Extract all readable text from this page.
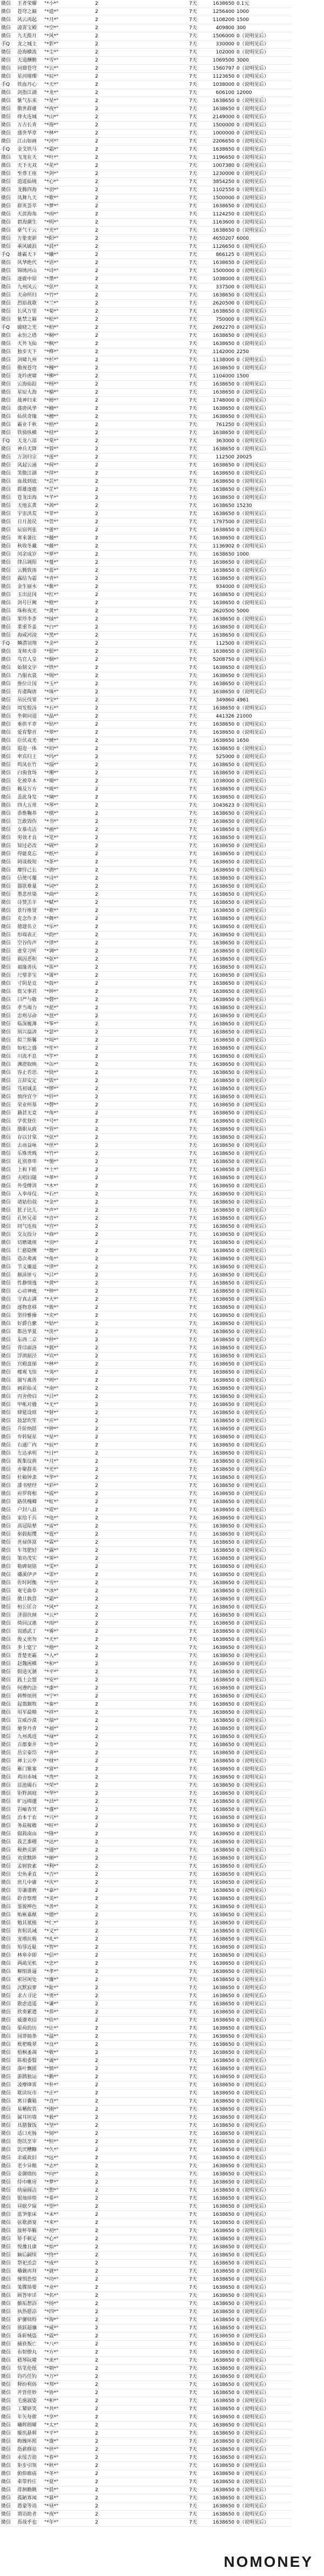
微信	王者荣耀	"*小*"	2	7天	1638650	0.1元
微信	苍穹之巅	"*逍*"	2	7天	1256400	1000
微信	风云再起	"*月*"	2	7天	1108200	1500
微信	凌霄宝殿	"*空*"	2	7天	409800	300
微信	九天揽月	"*风*"	2	7天	1506000	0（说明见后）
手Q	龙之城主	"*影*"	2	7天	330000	0（说明见后）
微信	沧海横流	"*尘*"	2	7天	102000	0（说明见后）
微信	天道酬勤	"*雪*"	2	7天	1069500	3000
微信	问鼎苍穹	"*云*"	2	7天	1560797	0（说明见后）
微信	星河璀璨	"*辰*"	2	7天	1123650	0（说明见后）
手Q	铁血丹心	"*天*"	2	7天	1038000	0（说明见后）
微信	剑指江湖	"*龙*"	2	7天	606100	12000
微信	紫气东来	"*星*"	2	7天	1638650	0（说明见后）
微信	傲世群雄	"*夜*"	2	7天	1638650	0（说明见后）
微信	烽火连城	"*山*"	2	7天	2149000	0（说明见后）
微信	万古长青	"*海*"	2	7天	1500000	0（说明见后）
微信	盛世华章	"*林*"	2	7天	1000000	0（说明见后）
微信	江山如画	"*河*"	2	7天	2206650	0（说明见后）
手Q	金戈铁马	"*霜*"	2	7天	1638650	0（说明见后）
微信	飞龙在天	"*叶*"	2	7天	1196650	0（说明见后）
微信	天下无双	"*花*"	2	7天	1007380	0（说明见后）
微信	至尊王座	"*剑*"	2	7天	1230000	0（说明见后）
微信	逍遥仙境	"*心*"	2	7天	3854250	0（说明见后）
微信	龙腾四海	"*羽*"	2	7天	1102550	0（说明见后）
微信	凤舞九天	"*歌*"	2	7天	1500000	0（说明见后）
微信	群英荟萃	"*梦*"	2	7天	1638650	0（说明见后）
微信	天涯海角	"*雨*"	2	7天	1124250	0（说明见后）
微信	碧海潮生	"*明*"	2	7天	1163600	0（说明见后）
微信	豪气干云	"*光*"	2	7天	1638650	0（说明见后）
微信	万象更新	"*阳*"	2	7天	4650207	6000
微信	乘风破浪	"*晨*"	2	7天	1126650	0（说明见后）
手Q	雄霸天下	"*曦*"	2	7天	866125	0（说明见后）
微信	风华绝代	"*语*"	2	7天	1638650	0（说明见后）
微信	锦绣河山	"*诗*"	2	7天	1500000	0（说明见后）
微信	逐鹿中原	"*墨*"	2	7天	1038000	0（说明见后）
微信	九州风云	"*弦*"	2	7天	337500	0（说明见后）
微信	天命所归	"*竹*"	2	7天	1638650	0（说明见后）
微信	烈焰战歌	"*兰*"	2	7天	2620500	0（说明见后）
微信	长风万里	"*菊*"	2	7天	1638650	0（说明见后）
微信	紫禁之巅	"*松*"	2	7天	750000	0（说明见后）
手Q	破晓之光	"*柏*"	2	7天	2692270	0（说明见后）
微信	永恒之塔	"*桐*"	2	7天	1638650	0（说明见后）
微信	天外飞仙	"*枫*"	2	7天	1638650	0（说明见后）
微信	独步天下	"*桦*"	2	7天	1142000	2250
微信	剑啸九州	"*杉*"	2	7天	1138000	0（说明见后）
微信	傲视苍穹	"*槐*"	2	7天	1638650	0（说明见后）
微信	龙吟虎啸	"*柳*"	2	7天	1104000	1500
微信	云海仙踪	"*杨*"	2	7天	1638650	0（说明见后）
微信	星辰大海	"*榆*"	2	7天	1638650	0（说明见后）
微信	战神归来	"*樟*"	2	7天	1748000	0（说明见后）
微信	盛唐风华	"*楠*"	2	7天	1638650	0（说明见后）
微信	仙侠奇缘	"*檀*"	2	7天	1638650	0（说明见后）
微信	霸业千秋	"*梧*"	2	7天	761250	0（说明见后）
微信	铁骑纵横	"*桂*"	2	7天	1638650	0（说明见后）
手Q	天龙八部	"*棠*"	2	7天	363000	0（说明见后）
微信	神兵天降	"*蓉*"	2	7天	1638650	0（说明见后）
微信	万剑归宗	"*莲*"	2	7天	112500	20025
微信	风起云涌	"*荷*"	2	7天	1638650	0（说明见后）
微信	笑傲江湖	"*萍*"	2	7天	1638650	0（说明见后）
微信	血战到底	"*芸*"	2	7天	1638650	0（说明见后）
微信	群雄逐鹿	"*芷*"	2	7天	1638650	0（说明见后）
微信	苍龙出海	"*芊*"	2	7天	1638650	0（说明见后）
微信	天地玄黄	"*茜*"	2	7天	1638650	15230
微信	宇宙洪荒	"*菲*"	2	7天	1638650	0（说明见后）
微信	日月盈昃	"*萱*"	2	7天	1797500	0（说明见后）
微信	辰宿列张	"*蕾*"	2	7天	1638650	0（说明见后）
微信	寒来暑往	"*薇*"	2	7天	1638650	0（说明见后）
微信	秋收冬藏	"*藤*"	2	7天	1136902	0（说明见后）
微信	闰余成岁	"*萝*"	2	7天	1638650	1000
微信	律吕调阳	"*蔓*"	2	7天	1638650	0（说明见后）
微信	云腾致雨	"*蓝*"	2	7天	1638650	0（说明见后）
微信	露结为霜	"*青*"	2	7天	1638650	0（说明见后）
微信	金生丽水	"*紫*"	2	7天	934000	0（说明见后）
微信	玉出昆冈	"*红*"	2	7天	1638650	0（说明见后）
微信	剑号巨阙	"*橙*"	2	7天	1638650	0（说明见后）
微信	珠称夜光	"*黄*"	2	7天	2620500	5000
微信	果珍李柰	"*绿*"	2	7天	1638650	0（说明见后）
微信	菜重芥姜	"*白*"	2	7天	1638650	0（说明见后）
微信	海咸河淡	"*黑*"	2	7天	1638650	0（说明见后）
手Q	鳞潜羽翔	"*金*"	2	7天	112500	0（说明见后）
微信	龙师火帝	"*银*"	2	7天	1638650	0（说明见后）
微信	鸟官人皇	"*铜*"	2	7天	5208750	0（说明见后）
微信	始制文字	"*铁*"	2	7天	1638650	0（说明见后）
微信	乃服衣裳	"*锡*"	2	7天	1638650	0（说明见后）
微信	推位让国	"*玉*"	2	7天	1638650	0（说明见后）
微信	有虞陶唐	"*珠*"	2	7天	1638650	0（说明见后）
微信	吊民伐罪	"*宝*"	2	7天	349860	4981
微信	周发殷汤	"*石*"	2	7天	1638650	0（说明见后）
微信	坐朝问道	"*晶*"	2	7天	441326	21000
微信	垂拱平章	"*钻*"	2	7天	1638650	0（说明见后）
微信	爱育黎首	"*翠*"	2	7天	1638650	0（说明见后）
微信	臣伏戎羌	"*琥*"	2	7天	1638650	1650
微信	遐迩一体	"*珀*"	2	7天	1638650	0（说明见后）
微信	率宾归王	"*玛*"	2	7天	525000	0（说明见后）
微信	鸣凤在竹	"*瑙*"	2	7天	1638650	0（说明见后）
微信	白驹食场	"*珊*"	2	7天	1638650	0（说明见后）
微信	化被草木	"*瑚*"	2	7天	1038000	0（说明见后）
微信	赖及万方	"*琉*"	2	7天	1638650	0（说明见后）
微信	盖此身发	"*璃*"	2	7天	1638650	0（说明见后）
微信	四大五常	"*琴*"	2	7天	1043623	0（说明见后）
微信	恭惟鞠养	"*棋*"	2	7天	1638650	0（说明见后）
微信	岂敢毁伤	"*书*"	2	7天	1638650	0（说明见后）
微信	女慕贞洁	"*画*"	2	7天	1638650	0（说明见后）
微信	男效才良	"*笔*"	2	7天	1638650	0（说明见后）
微信	知过必改	"*砚*"	2	7天	1638650	0（说明见后）
微信	得能莫忘	"*纸*"	2	7天	1638650	0（说明见后）
微信	罔谈彼短	"*茶*"	2	7天	1638650	0（说明见后）
微信	靡恃己长	"*酒*"	2	7天	1638650	0（说明见后）
微信	信使可覆	"*诗*"	2	7天	1638650	0（说明见后）
微信	器欲难量	"*词*"	2	7天	1638650	0（说明见后）
微信	墨悲丝染	"*曲*"	2	7天	1638650	0（说明见后）
微信	诗赞羔羊	"*赋*"	2	7天	1638650	0（说明见后）
微信	景行维贤	"*歌*"	2	7天	1638650	0（说明见后）
微信	克念作圣	"*舞*"	2	7天	1638650	0（说明见后）
微信	德建名立	"*乐*"	2	7天	1638650	0（说明见后）
微信	形端表正	"*韵*"	2	7天	1638650	0（说明见后）
微信	空谷传声	"*律*"	2	7天	1638650	0（说明见后）
微信	虚堂习听	"*调*"	2	7天	1638650	0（说明见后）
微信	祸因恶积	"*弦*"	2	7天	1638650	0（说明见后）
微信	福缘善庆	"*笛*"	2	7天	1638650	0（说明见后）
微信	尺璧非宝	"*箫*"	2	7天	1638650	0（说明见后）
微信	寸阴是竞	"*鼓*"	2	7天	1638650	0（说明见后）
微信	资父事君	"*钟*"	2	7天	1638650	0（说明见后）
微信	曰严与敬	"*磬*"	2	7天	1638650	0（说明见后）
微信	孝当竭力	"*琵*"	2	7天	1638650	0（说明见后）
微信	忠则尽命	"*琶*"	2	7天	1638650	0（说明见后）
微信	临深履薄	"*筝*"	2	7天	1638650	0（说明见后）
微信	夙兴温凊	"*瑟*"	2	7天	1638650	0（说明见后）
微信	似兰斯馨	"*埙*"	2	7天	1638650	0（说明见后）
微信	如松之盛	"*笙*"	2	7天	1638650	0（说明见后）
微信	川流不息	"*竽*"	2	7天	1638650	0（说明见后）
微信	渊澄取映	"*缶*"	2	7天	1638650	0（说明见后）
微信	容止若思	"*铙*"	2	7天	1638650	0（说明见后）
微信	言辞安定	"*钹*"	2	7天	1638650	0（说明见后）
微信	笃初诚美	"*锣*"	2	7天	1638650	0（说明见后）
微信	慎终宜令	"*铃*"	2	7天	1638650	0（说明见后）
微信	荣业所基	"*磬*"	2	7天	1638650	0（说明见后）
微信	籍甚无竟	"*角*"	2	7天	1638650	0（说明见后）
微信	学优登仕	"*号*"	2	7天	1638650	0（说明见后）
微信	摄职从政	"*管*"	2	7天	1638650	0（说明见后）
微信	存以甘棠	"*弦*"	2	7天	1638650	0（说明见后）
微信	去而益咏	"*丝*"	2	7天	1638650	0（说明见后）
微信	乐殊贵贱	"*竹*"	2	7天	1638650	0（说明见后）
微信	礼别尊卑	"*匏*"	2	7天	1638650	0（说明见后）
微信	上和下睦	"*土*"	2	7天	1638650	0（说明见后）
微信	夫唱妇随	"*革*"	2	7天	1638650	0（说明见后）
微信	外受傅训	"*木*"	2	7天	1638650	0（说明见后）
微信	入奉母仪	"*石*"	2	7天	1638650	0（说明见后）
微信	诸姑伯叔	"*金*"	2	7天	1638650	0（说明见后）
微信	犹子比儿	"*声*"	2	7天	1638650	0（说明见后）
微信	孔怀兄弟	"*音*"	2	7天	1638650	0（说明见后）
微信	同气连枝	"*宫*"	2	7天	1638650	0（说明见后）
微信	交友投分	"*商*"	2	7天	1638650	0（说明见后）
微信	切磨箴规	"*羽*"	2	7天	1638650	0（说明见后）
微信	仁慈隐恻	"*徵*"	2	7天	1638650	0（说明见后）
微信	造次弗离	"*角*"	2	7天	1638650	0（说明见后）
微信	节义廉退	"*律*"	2	7天	1638650	0（说明见后）
微信	颠沛匪亏	"*吕*"	2	7天	1638650	0（说明见后）
微信	性静情逸	"*黄*"	2	7天	1638650	0（说明见后）
微信	心动神疲	"*钟*"	2	7天	1638650	0（说明见后）
微信	守真志满	"*大*"	2	7天	1638650	0（说明见后）
微信	逐物意移	"*簇*"	2	7天	1638650	0（说明见后）
微信	坚持雅操	"*夹*"	2	7天	1638650	0（说明见后）
微信	好爵自縻	"*姑*"	2	7天	1638650	0（说明见后）
微信	都邑华夏	"*洗*"	2	7天	1638650	0（说明见后）
微信	东西二京	"*仲*"	2	7天	1638650	0（说明见后）
微信	背邙面洛	"*蕤*"	2	7天	1638650	0（说明见后）
微信	浮渭据泾	"*宾*"	2	7天	1638650	0（说明见后）
微信	宫殿盘郁	"*林*"	2	7天	1638650	0（说明见后）
微信	楼观飞惊	"*夷*"	2	7天	1638650	0（说明见后）
微信	图写禽兽	"*则*"	2	7天	1638650	0（说明见后）
微信	画彩仙灵	"*南*"	2	7天	1638650	0（说明见后）
微信	丙舍傍启	"*吕*"	2	7天	1638650	0（说明见后）
微信	甲帐对楹	"*无*"	2	7天	1638650	0（说明见后）
微信	肆筵设席	"*射*"	2	7天	1638650	0（说明见后）
微信	鼓瑟吹笙	"*应*"	2	7天	1638650	0（说明见后）
微信	升阶纳陛	"*钟*"	2	7天	1638650	0（说明见后）
微信	弁转疑星	"*星*"	2	7天	1638650	0（说明见后）
微信	右通广内	"*辰*"	2	7天	1638650	0（说明见后）
微信	左达承明	"*日*"	2	7天	1638650	0（说明见后）
微信	既集坟典	"*月*"	2	7天	1638650	0（说明见后）
微信	亦聚群英	"*光*"	2	7天	1638650	0（说明见后）
微信	杜稿钟隶	"*华*"	2	7天	1638650	0（说明见后）
微信	漆书壁经	"*彩*"	2	7天	1638650	0（说明见后）
微信	府罗将相	"*霞*"	2	7天	1638650	0（说明见后）
微信	路侠槐卿	"*虹*"	2	7天	1638650	0（说明见后）
微信	户封八县	"*霓*"	2	7天	1638650	0（说明见后）
微信	家给千兵	"*电*"	2	7天	1638650	0（说明见后）
微信	高冠陪辇	"*雷*"	2	7天	1638650	0（说明见后）
微信	驱毂振缨	"*霆*"	2	7天	1638650	0（说明见后）
微信	世禄侈富	"*霖*"	2	7天	1638650	0（说明见后）
微信	车驾肥轻	"*露*"	2	7天	1638650	0（说明见后）
微信	策功茂实	"*霁*"	2	7天	1638650	0（说明见后）
微信	勒碑刻铭	"*雯*"	2	7天	1638650	0（说明见后）
微信	磻溪伊尹	"*霏*"	2	7天	1638650	0（说明见后）
微信	佐时阿衡	"*雪*"	2	7天	1638650	0（说明见后）
微信	奄宅曲阜	"*冰*"	2	7天	1638650	0（说明见后）
微信	微旦孰营	"*霜*"	2	7天	1638650	0（说明见后）
微信	桓公匡合	"*风*"	2	7天	1638650	0（说明见后）
微信	济弱扶倾	"*云*"	2	7天	1638650	0（说明见后）
微信	绮回汉惠	"*雨*"	2	7天	1638650	0（说明见后）
微信	说感武丁	"*雾*"	2	7天	1638650	0（说明见后）
微信	俊乂密勿	"*天*"	2	7天	1638650	0（说明见后）
微信	多士寔宁	"*地*"	2	7天	1638650	0（说明见后）
微信	晋楚更霸	"*人*"	2	7天	1638650	0（说明见后）
微信	赵魏困横	"*和*"	2	7天	1638650	0（说明见后）
微信	假途灭虢	"*平*"	2	7天	1638650	0（说明见后）
微信	践土会盟	"*安*"	2	7天	1638650	0（说明见后）
微信	何遵约法	"*康*"	2	7天	1638650	0（说明见后）
微信	韩弊烦刑	"*宁*"	2	7天	1638650	0（说明见后）
微信	起翦颇牧	"*泰*"	2	7天	1638650	0（说明见后）
微信	用军最精	"*祥*"	2	7天	1638650	0（说明见后）
微信	宣威沙漠	"*瑞*"	2	7天	1638650	0（说明见后）
微信	驰誉丹青	"*福*"	2	7天	1638650	0（说明见后）
微信	九州禹迹	"*禄*"	2	7天	1638650	0（说明见后）
微信	百郡秦并	"*寿*"	2	7天	1638650	0（说明见后）
微信	岳宗泰岱	"*喜*"	2	7天	1638650	0（说明见后）
微信	禅主云亭	"*财*"	2	7天	1638650	0（说明见后）
微信	雁门紫塞	"*富*"	2	7天	1638650	0（说明见后）
微信	鸡田赤城	"*贵*"	2	7天	1638650	0（说明见后）
微信	昆池碣石	"*荣*"	2	7天	1638650	0（说明见后）
微信	钜野洞庭	"*华*"	2	7天	1638650	0（说明见后）
微信	旷远绵邈	"*昌*"	2	7天	1638650	0（说明见后）
微信	岩岫杳冥	"*盛*"	2	7天	1638650	0（说明见后）
微信	治本于农	"*兴*"	2	7天	1638650	0（说明见后）
微信	务兹稼穑	"*旺*"	2	7天	1638650	0（说明见后）
微信	俶载南亩	"*隆*"	2	7天	1638650	0（说明见后）
微信	我艺黍稷	"*达*"	2	7天	1638650	0（说明见后）
微信	税熟贡新	"*通*"	2	7天	1638650	0（说明见后）
微信	劝赏黜陟	"*顺*"	2	7天	1638650	0（说明见后）
微信	孟轲敦素	"*利*"	2	7天	1638650	0（说明见后）
微信	史鱼秉直	"*吉*"	2	7天	1638650	0（说明见后）
微信	庶几中庸	"*庆*"	2	7天	1638650	0（说明见后）
微信	劳谦谨敕	"*嘉*"	2	7天	1638650	0（说明见后）
微信	聆音察理	"*美*"	2	7天	1638650	0（说明见后）
微信	鉴貌辨色	"*善*"	2	7天	1638650	0（说明见后）
微信	贻厥嘉猷	"*德*"	2	7天	1638650	0（说明见后）
微信	勉其祗植	"*仁*"	2	7天	1638650	0（说明见后）
微信	省躬讥诫	"*义*"	2	7天	1638650	0（说明见后）
微信	宠增抗极	"*礼*"	2	7天	1638650	0（说明见后）
微信	殆辱近耻	"*智*"	2	7天	1638650	0（说明见后）
微信	林皋幸即	"*信*"	2	7天	1638650	0（说明见后）
微信	两疏见机	"*忠*"	2	7天	1638650	0（说明见后）
微信	解组谁逼	"*孝*"	2	7天	1638650	0（说明见后）
微信	索居闲处	"*廉*"	2	7天	1638650	0（说明见后）
微信	沉默寂寥	"*耻*"	2	7天	1638650	0（说明见后）
微信	求古寻论	"*勇*"	2	7天	1638650	0（说明见后）
微信	散虑逍遥	"*谦*"	2	7天	1638650	0（说明见后）
微信	欣奏累遣	"*恭*"	2	7天	1638650	0（说明见后）
微信	戚谢欢招	"*俭*"	2	7天	1638650	0（说明见后）
微信	渠荷的历	"*让*"	2	7天	1638650	0（说明见后）
微信	园莽抽条	"*温*"	2	7天	1638650	0（说明见后）
微信	枇杷晚翠	"*良*"	2	7天	1638650	0（说明见后）
微信	梧桐蚤凋	"*敬*"	2	7天	1638650	0（说明见后）
微信	陈根委翳	"*诚*"	2	7天	1638650	0（说明见后）
微信	落叶飘摇	"*慎*"	2	7天	1638650	0（说明见后）
微信	游鹍独运	"*勤*"	2	7天	1638650	0（说明见后）
微信	凌摩绛霄	"*朴*"	2	7天	1638650	0（说明见后）
微信	耽读玩市	"*正*"	2	7天	1638650	0（说明见后）
微信	寓目囊箱	"*直*"	2	7天	1638650	0（说明见后）
微信	易輶攸畏	"*刚*"	2	7天	1638650	0（说明见后）
微信	属耳垣墙	"*毅*"	2	7天	1638650	0（说明见后）
微信	具膳餐饭	"*坚*"	2	7天	1638650	0（说明见后）
微信	适口充肠	"*韧*"	2	7天	1638650	0（说明见后）
微信	饱饫烹宰	"*恒*"	2	7天	1638650	0（说明见后）
微信	饥厌糟糠	"*久*"	2	7天	1638650	0（说明见后）
微信	亲戚故旧	"*远*"	2	7天	1638650	0（说明见后）
微信	老少异粮	"*志*"	2	7天	1638650	0（说明见后）
微信	妾御绩纺	"*向*"	2	7天	1638650	0（说明见后）
微信	侍巾帷房	"*梦*"	2	7天	1638650	0（说明见后）
微信	纨扇圆洁	"*想*"	2	7天	1638650	0（说明见后）
微信	银烛炜煌	"*希*"	2	7天	1638650	0（说明见后）
微信	昼眠夕寐	"*望*"	2	7天	1638650	0（说明见后）
微信	蓝笋象床	"*未*"	2	7天	1638650	0（说明见后）
微信	弦歌酒宴	"*来*"	2	7天	1638650	0（说明见后）
微信	接杯举觞	"*初*"	2	7天	1638650	0（说明见后）
微信	矫手顿足	"*心*"	2	7天	1638650	0（说明见后）
微信	悦豫且康	"*始*"	2	7天	1638650	0（说明见后）
微信	嫡后嗣续	"*终*"	2	7天	1638650	0（说明见后）
微信	祭祀烝尝	"*成*"	2	7天	1638650	0（说明见后）
微信	稽颡再拜	"*就*"	2	7天	1638650	0（说明见后）
微信	悚惧恐惶	"*功*"	2	7天	1638650	0（说明见后）
微信	笺牒简要	"*业*"	2	7天	1638650	0（说明见后）
微信	顾答审详	"*名*"	2	7天	1638650	0（说明见后）
微信	骸垢想浴	"*扬*"	2	7天	1638650	0（说明见后）
微信	执热愿凉	"*四*"	2	7天	1638650	0（说明见后）
微信	驴骡犊特	"*海*"	2	7天	1638650	0（说明见后）
微信	骇跃超骧	"*威*"	2	7天	1638650	0（说明见后）
微信	诛斩贼盗	"*震*"	2	7天	1638650	0（说明见后）
微信	捕获叛亡	"*八*"	2	7天	1638650	0（说明见后）
微信	布射僚丸	"*方*"	2	7天	1638650	0（说明见后）
微信	嵇琴阮啸	"*来*"	2	7天	1638650	0（说明见后）
微信	恬笔伦纸	"*朝*"	2	7天	1638650	0（说明见后）
微信	钧巧任钓	"*万*"	2	7天	1638650	0（说明见后）
微信	释纷利俗	"*邦*"	2	7天	1638650	0（说明见后）
微信	并皆佳妙	"*协*"	2	7天	1638650	0（说明见后）
微信	毛施淑姿	"*和*"	2	7天	1638650	0（说明见后）
微信	工颦妍笑	"*共*"	2	7天	1638650	0（说明见后）
微信	年矢每催	"*享*"	2	7天	1638650	0（说明见后）
微信	曦晖朗曜	"*太*"	2	7天	1638650	0（说明见后）
微信	璇玑悬斡	"*平*"	2	7天	1638650	0（说明见后）
微信	晦魄环照	"*盛*"	2	7天	1638650	0（说明见后）
微信	指薪修祜	"*世*"	2	7天	1638650	0（说明见后）
微信	永绥吉劭	"*春*"	2	7天	1638650	0（说明见后）
微信	矩步引领	"*秋*"	2	7天	1638650	0（说明见后）
微信	俯仰廊庙	"*冬*"	2	7天	1638650	0（说明见后）
微信	束带矜庄	"*夏*"	2	7天	1638650	0（说明见后）
微信	徘徊瞻眺	"*晨*"	2	7天	1638650	0（说明见后）
微信	孤陋寡闻	"*暮*"	2	7天	1638650	0（说明见后）
微信	愚蒙等诮	"*昼*"	2	7天	1638650	0（说明见后）
微信	谓语助者	"*夜*"	2	7天	1638650	0（说明见后）
微信	焉哉乎也	"*年*"	2	7天	1638650	0（说明见后）
NOMONEY
